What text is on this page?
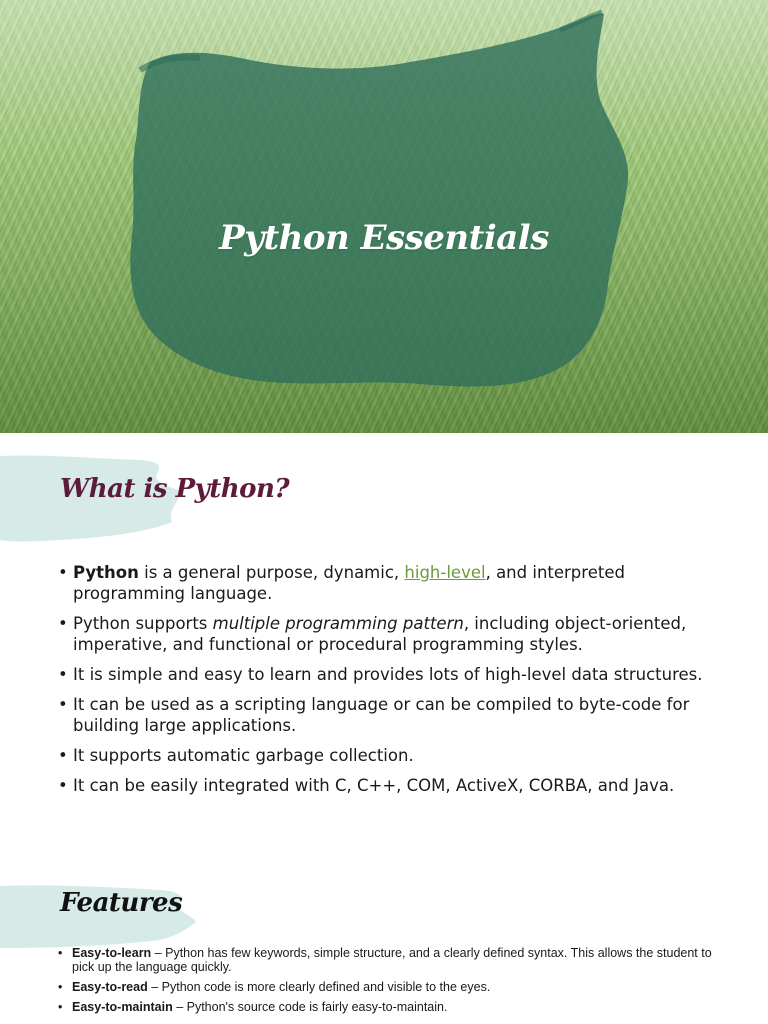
Python Essentials
What is Python?
• Python is a general purpose, dynamic, high-level, and interpreted programming language.
• Python supports multiple programming pattern, including object-oriented, imperative, and functional or procedural programming styles.
• It is simple and easy to learn and provides lots of high-level data structures.
• It can be used as a scripting language or can be compiled to byte-code for building large applications.
• It supports automatic garbage collection.
• It can be easily integrated with C, C++, COM, ActiveX, CORBA, and Java.
Features
• Easy-to-learn – Python has few keywords, simple structure, and a clearly defined syntax. This allows the student to pick up the language quickly.
• Easy-to-read – Python code is more clearly defined and visible to the eyes.
• Easy-to-maintain – Python's source code is fairly easy-to-maintain.
